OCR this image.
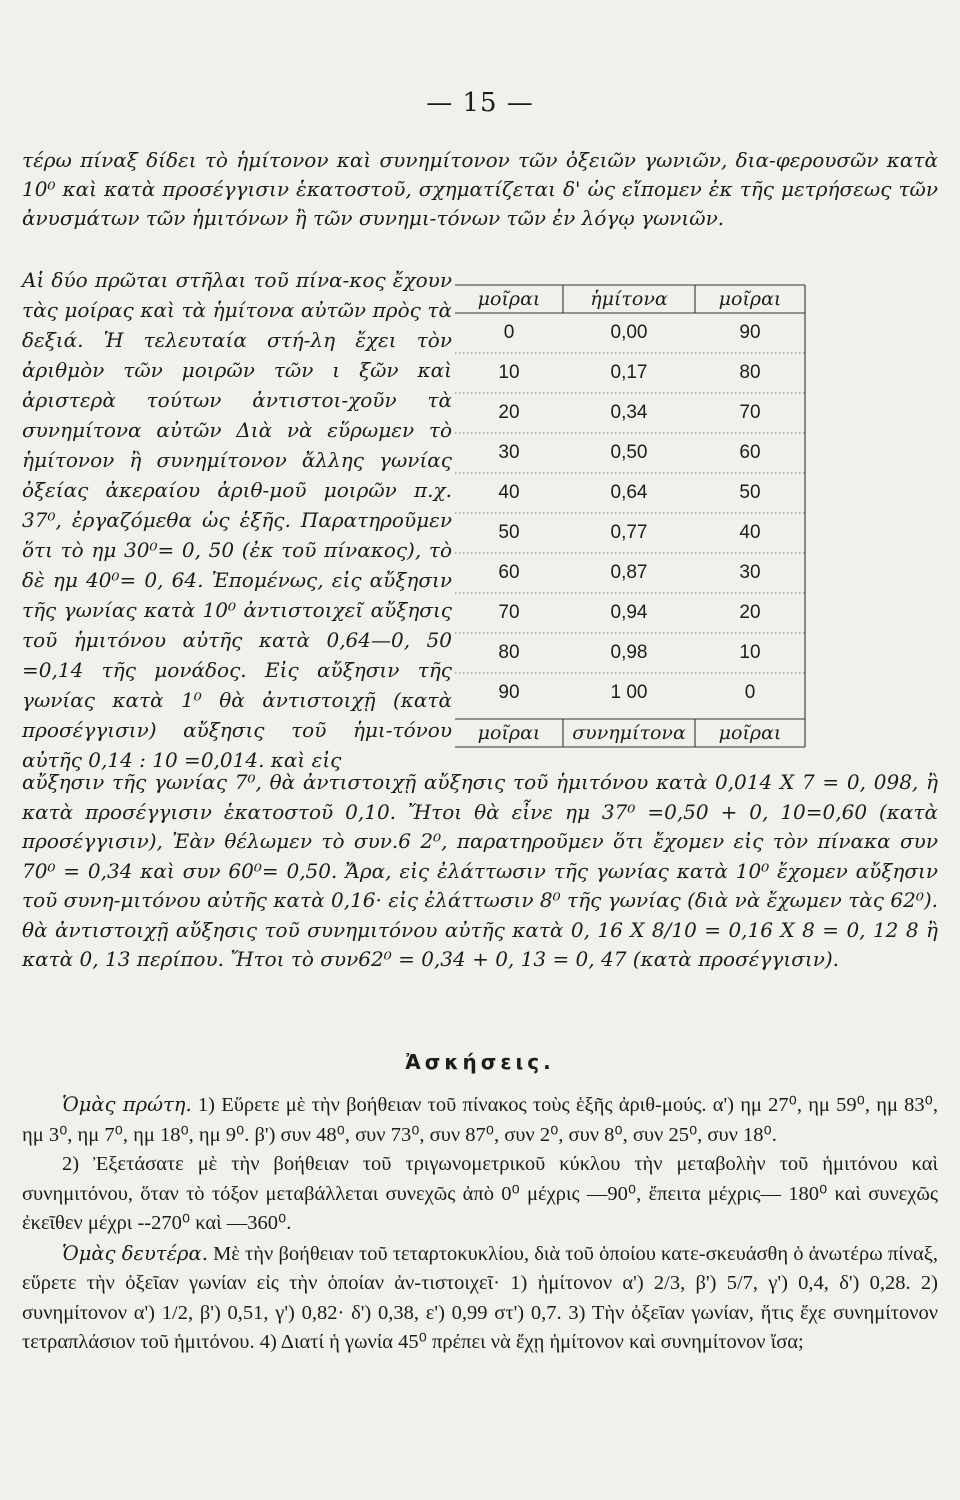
— 15 —

τέρω πίναξ δίδει τὸ ἡμίτονον καὶ συνημίτονον τῶν ὀξειῶν γωνιῶν, δια-φερουσῶν κατὰ 10⁰ καὶ κατὰ προσέγγισιν ἑκατοστοῦ, σχηματίζεται δ' ὡς εἴπομεν ἐκ τῆς μετρήσεως τῶν ἀνυσμάτων τῶν ἡμιτόνων ἢ τῶν συνημι-τόνων τῶν ἐν λόγῳ γωνιῶν.

Αἱ δύο πρῶται στῆλαι τοῦ πίνα-κος ἔχουν τὰς μοίρας καὶ τὰ ἡμίτονα αὐτῶν πρὸς τὰ δεξιά. Ἡ τελευταία στή-λη ἔχει τὸν ἀριθμὸν τῶν μοιρῶν τῶν ι ξῶν καὶ ἀριστερὰ τούτων ἀντιστοι-χοῦν τὰ συνημίτονα αὐτῶν Διὰ νὰ εὕρωμεν τὸ ἡμίτονον ἢ συνημίτονον ἄλλης γωνίας ὀξείας ἀκεραίου ἀριθ-μοῦ μοιρῶν π.χ. 37⁰, ἐργαζόμεθα ὡς ἑξῆς. Παρατηροῦμεν ὅτι τὸ ημ 30⁰= 0, 50 (ἐκ τοῦ πίνακος), τὸ δὲ ημ 40⁰= 0, 64. Ἐπομένως, εἰς αὔξησιν τῆς γωνίας κατὰ 10⁰ ἀντιστοιχεῖ αὔξησις τοῦ ἡμιτόνου αὐτῆς κατὰ 0,64—0, 50 =0,14 τῆς μονάδος. Εἰς αὔξησιν τῆς γωνίας κατὰ 1⁰ θὰ ἀντιστοιχῇ (κατὰ προσέγγισιν) αὔξησις τοῦ ἡμι-τόνου αὐτῆς 0,14 : 10 =0,014. καὶ εἰς

μοῖραι	ἡμίτονα	μοῖραι
0	0,00	90
10	0,17	80
20	0,34	70
30	0,50	60
40	0,64	50
50	0,77	40
60	0,87	30
70	0,94	20
80	0,98	10
90	1 00	0
μοῖραι	συνημίτονα	μοῖραι

αὔξησιν τῆς γωνίας 7⁰, θὰ ἀντιστοιχῇ αὔξησις τοῦ ἡμιτόνου κατὰ 0,014 X 7 = 0, 098, ἢ κατὰ προσέγγισιν ἑκατοστοῦ 0,10. Ἤτοι θὰ εἶνε ημ 37⁰ =0,50 + 0, 10=0,60 (κατὰ προσέγγισιν), Ἐὰν θέλωμεν τὸ συν.6 2⁰, παρατηροῦμεν ὅτι ἔχομεν εἰς τὸν πίνακα συν 70⁰ = 0,34 καὶ συν 60⁰= 0,50. Ἄρα, εἰς ἐλάττωσιν τῆς γωνίας κατὰ 10⁰ ἔχομεν αὔξησιν τοῦ συνη-μιτόνου αὐτῆς κατὰ 0,16· εἰς ἐλάττωσιν 8⁰ τῆς γωνίας (διὰ νὰ ἔχωμεν τὰς 62⁰). θὰ ἀντιστοιχῇ αὔξησις τοῦ συνημιτόνου αὐτῆς κατὰ 0, 16 X 8/10 = 0,16 X 8 = 0, 12 8 ἢ κατὰ 0, 13 περίπου. Ἤτοι τὸ συν62⁰ = 0,34 + 0, 13 = 0, 47 (κατὰ προσέγγισιν).

Ἀσκήσεις.

Ὁμὰς πρώτη. 1) Εὕρετε μὲ τὴν βοήθειαν τοῦ πίνακος τοὺς ἑξῆς ἀριθ-μούς. α') ημ 27⁰, ημ 59⁰, ημ 83⁰, ημ 3⁰, ημ 7⁰, ημ 18⁰, ημ 9⁰. β') συν 48⁰, συν 73⁰, συν 87⁰, συν 2⁰, συν 8⁰, συν 25⁰, συν 18⁰.

2) Ἐξετάσατε μὲ τὴν βοήθειαν τοῦ τριγωνομετρικοῦ κύκλου τὴν μεταβολὴν τοῦ ἡμιτόνου καὶ συνημιτόνου, ὅταν τὸ τόξον μεταβάλλεται συνεχῶς ἀπὸ 0⁰ μέχρις —90⁰, ἔπειτα μέχρις— 180⁰ καὶ συνεχῶς ἐκεῖθεν μέχρι --270⁰ καὶ —360⁰.

Ὁμὰς δευτέρα. Μὲ τὴν βοήθειαν τοῦ τεταρτοκυκλίου, διὰ τοῦ ὁποίου κατε-σκευάσθη ὁ ἀνωτέρω πίναξ, εὕρετε τὴν ὀξεῖαν γωνίαν εἰς τὴν ὁποίαν ἀν-τιστοιχεῖ· 1) ἡμίτονον α') 2/3, β') 5/7, γ') 0,4, δ') 0,28. 2) συνημίτονον α') 1/2, β') 0,51, γ') 0,82· δ') 0,38, ε') 0,99 στ') 0,7. 3) Τὴν ὀξεῖαν γωνίαν, ἥτις ἔχε συνημίτονον τετραπλάσιον τοῦ ἡμιτόνου. 4) Διατί ἡ γωνία 45⁰ πρέπει νὰ ἔχῃ ἡμίτονον καὶ συνημίτονον ἴσα;
